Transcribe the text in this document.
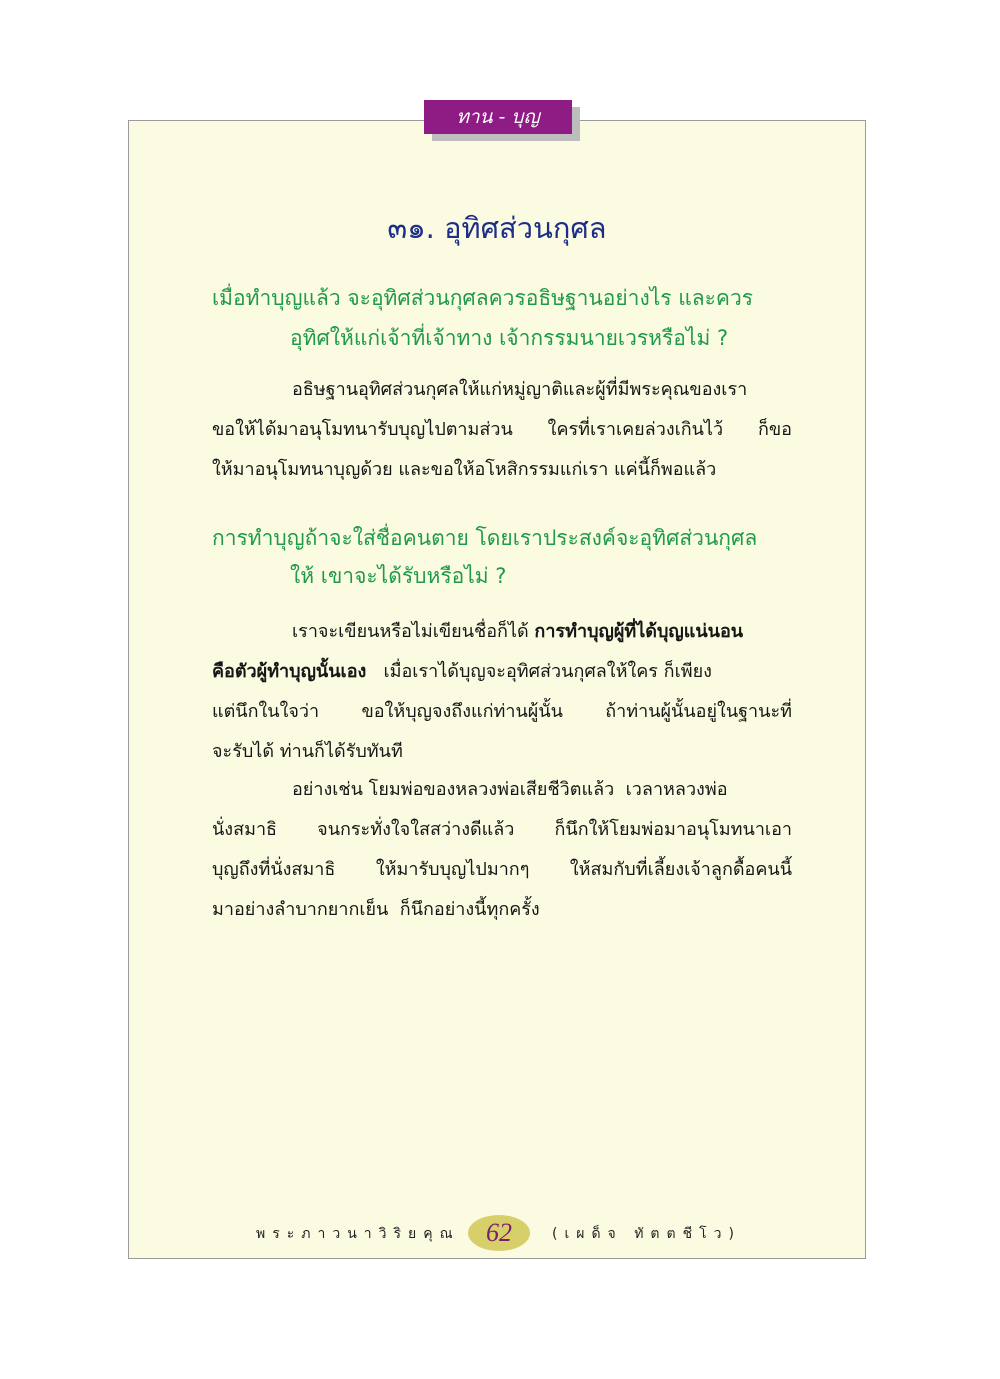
ทาน - บุญ
๓๑. อุทิศส่วนกุศล
เมื่อทำบุญแล้ว จะอุทิศส่วนกุศลควรอธิษฐานอย่างไร และควร
อุทิศให้แก่เจ้าที่เจ้าทาง เจ้ากรรมนายเวรหรือไม่ ?
อธิษฐานอุทิศส่วนกุศลให้แก่หมู่ญาติและผู้ที่มีพระคุณของเรา
ขอให้ได้มาอนุโมทนารับบุญไปตามส่วน ใครที่เราเคยล่วงเกินไว้ ก็ขอ
ให้มาอนุโมทนาบุญด้วย และขอให้อโหสิกรรมแก่เรา แค่นี้ก็พอแล้ว
การทำบุญถ้าจะใส่ชื่อคนตาย โดยเราประสงค์จะอุทิศส่วนกุศล
ให้ เขาจะได้รับหรือไม่ ?
เราจะเขียนหรือไม่เขียนชื่อก็ได้ การทำบุญผู้ที่ได้บุญแน่นอน
คือตัวผู้ทำบุญนั้นเอง   เมื่อเราได้บุญจะอุทิศส่วนกุศลให้ใคร ก็เพียง
แต่นึกในใจว่า ขอให้บุญจงถึงแก่ท่านผู้นั้น ถ้าท่านผู้นั้นอยู่ในฐานะที่
จะรับได้ ท่านก็ได้รับทันที
อย่างเช่น โยมพ่อของหลวงพ่อเสียชีวิตแล้ว  เวลาหลวงพ่อ
นั่งสมาธิ จนกระทั่งใจใสสว่างดีแล้ว ก็นึกให้โยมพ่อมาอนุโมทนาเอา
บุญถึงที่นั่งสมาธิ ให้มารับบุญไปมากๆ ให้สมกับที่เลี้ยงเจ้าลูกดื้อคนนี้
มาอย่างลำบากยากเย็น  ก็นึกอย่างนี้ทุกครั้ง
พระภาวนาวิริยคุณ	62	(เผด็จ ทัตตชีโว)
